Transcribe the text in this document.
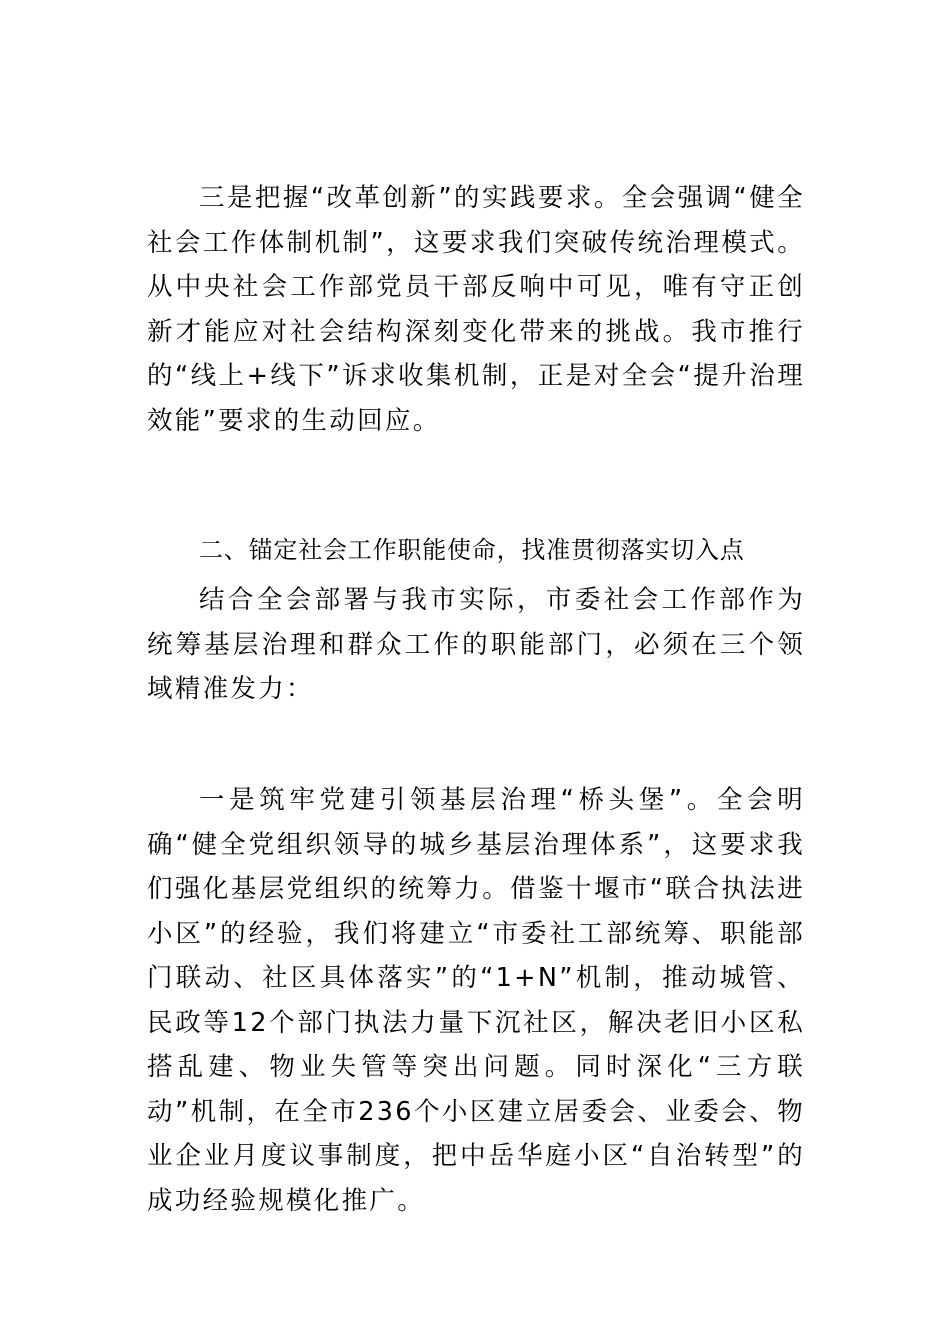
三是把握“改革创新”的实践要求。全会强调“健全社会工作体制机制”，这要求我们突破传统治理模式。从中央社会工作部党员干部反响中可见，唯有守正创新才能应对社会结构深刻变化带来的挑战。我市推行的“线上+线下”诉求收集机制，正是对全会“提升治理效能”要求的生动回应。

二、锚定社会工作职能使命，找准贯彻落实切入点

结合全会部署与我市实际，市委社会工作部作为统筹基层治理和群众工作的职能部门，必须在三个领域精准发力：

一是筑牢党建引领基层治理“桥头堡”。全会明确“健全党组织领导的城乡基层治理体系”，这要求我们强化基层党组织的统筹力。借鉴十堰市“联合执法进小区”的经验，我们将建立“市委社工部统筹、职能部门联动、社区具体落实”的“1+N”机制，推动城管、民政等12个部门执法力量下沉社区，解决老旧小区私搭乱建、物业失管等突出问题。同时深化“三方联动”机制，在全市236个小区建立居委会、业委会、物业企业月度议事制度，把中岳华庭小区“自治转型”的成功经验规模化推广。
